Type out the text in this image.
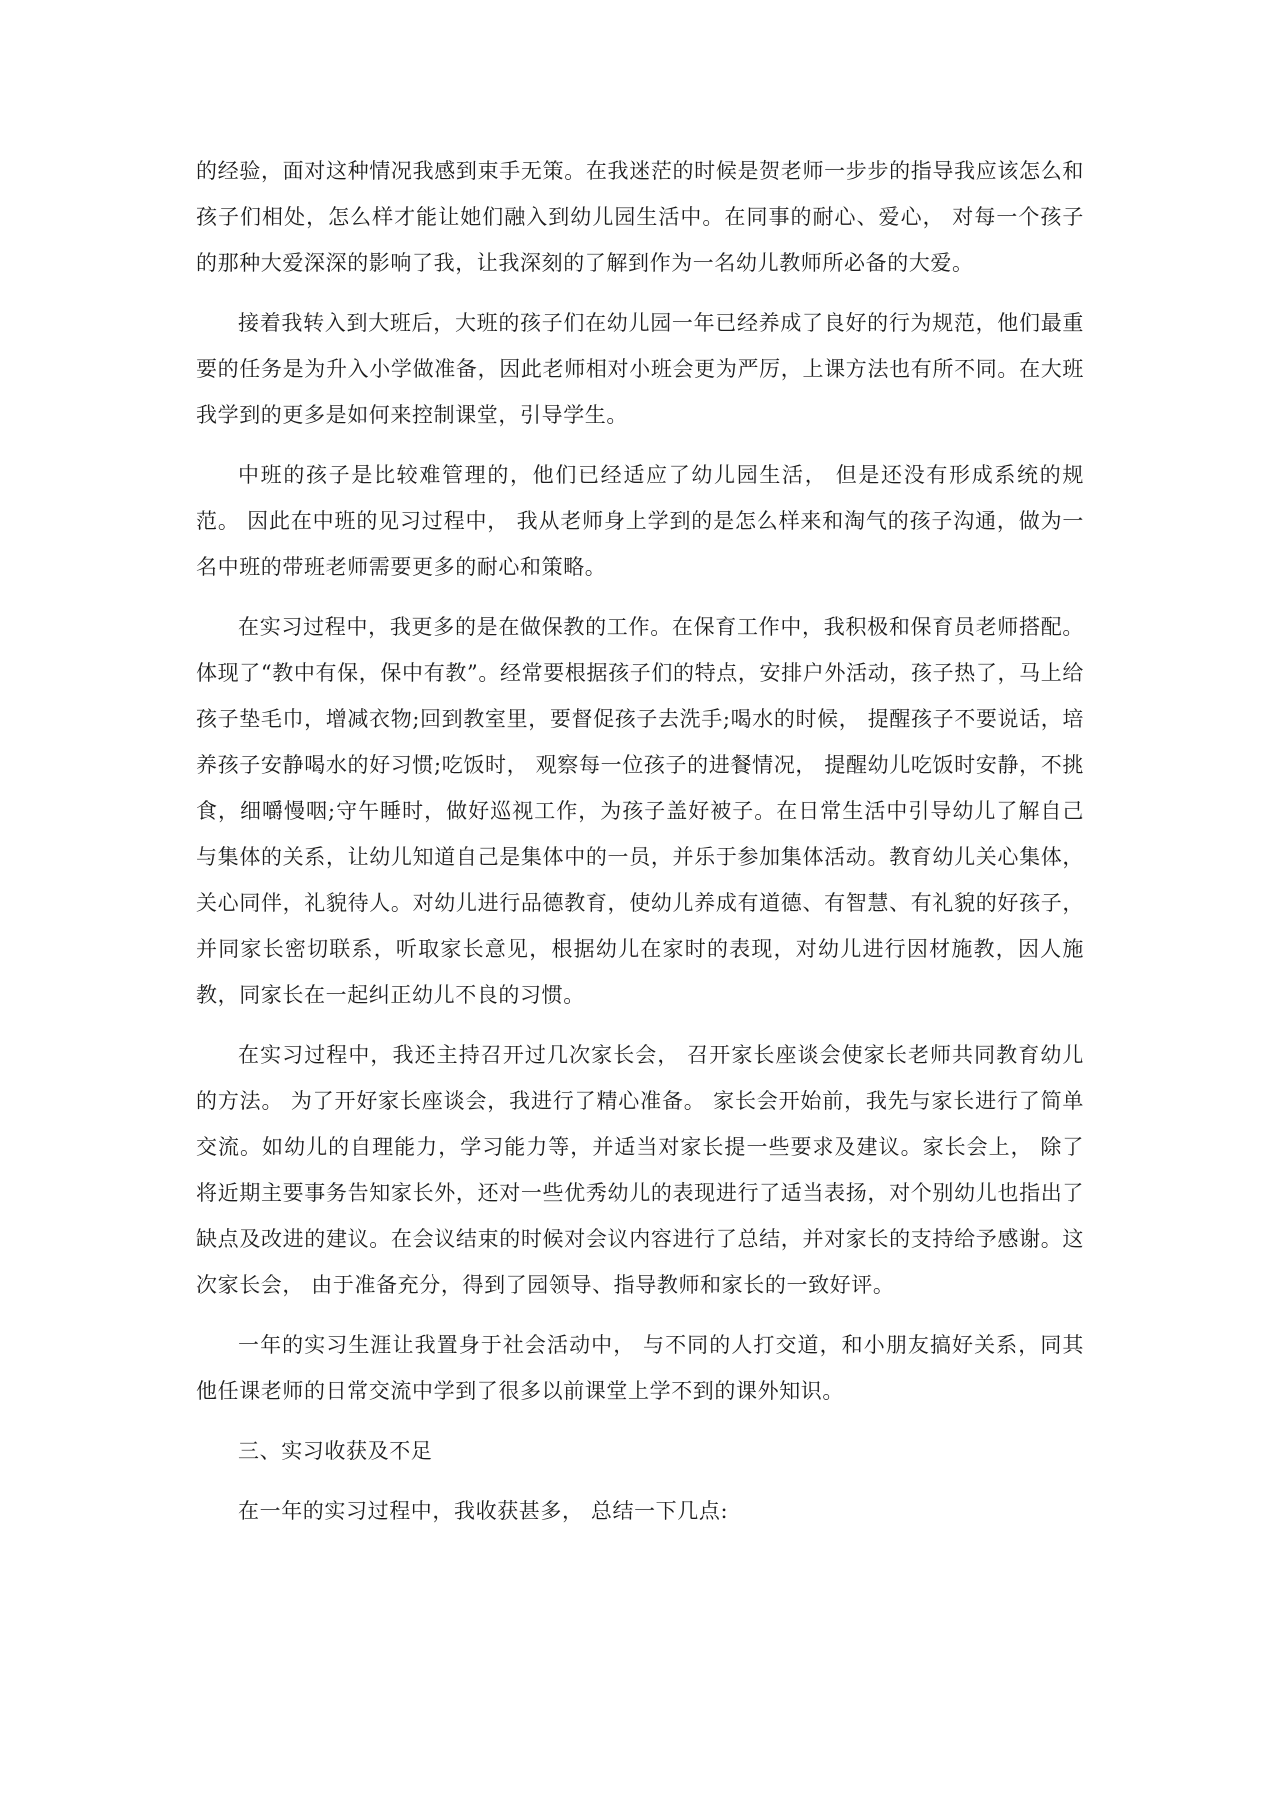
的经验，面对这种情况我感到束手无策。在我迷茫的时候是贺老师一步步的指导我应该怎么和孩子们相处，怎么样才能让她们融入到幼儿园生活中。在同事的耐心、爱心， 对每一个孩子的那种大爱深深的影响了我，让我深刻的了解到作为一名幼儿教师所必备的大爱。

接着我转入到大班后，大班的孩子们在幼儿园一年已经养成了良好的行为规范，他们最重要的任务是为升入小学做准备，因此老师相对小班会更为严厉，上课方法也有所不同。在大班我学到的更多是如何来控制课堂，引导学生。

中班的孩子是比较难管理的，他们已经适应了幼儿园生活， 但是还没有形成系统的规范。 因此在中班的见习过程中， 我从老师身上学到的是怎么样来和淘气的孩子沟通，做为一名中班的带班老师需要更多的耐心和策略。

在实习过程中，我更多的是在做保教的工作。在保育工作中，我积极和保育员老师搭配。体现了“教中有保，保中有教”。经常要根据孩子们的特点，安排户外活动，孩子热了，马上给孩子垫毛巾，增减衣物;回到教室里，要督促孩子去洗手;喝水的时候， 提醒孩子不要说话，培养孩子安静喝水的好习惯;吃饭时， 观察每一位孩子的进餐情况， 提醒幼儿吃饭时安静，不挑食，细嚼慢咽;守午睡时，做好巡视工作，为孩子盖好被子。在日常生活中引导幼儿了解自己与集体的关系，让幼儿知道自己是集体中的一员，并乐于参加集体活动。教育幼儿关心集体，关心同伴，礼貌待人。对幼儿进行品德教育，使幼儿养成有道德、有智慧、有礼貌的好孩子， 并同家长密切联系，听取家长意见，根据幼儿在家时的表现，对幼儿进行因材施教，因人施教，同家长在一起纠正幼儿不良的习惯。

在实习过程中，我还主持召开过几次家长会， 召开家长座谈会使家长老师共同教育幼儿的方法。 为了开好家长座谈会，我进行了精心准备。 家长会开始前，我先与家长进行了简单交流。如幼儿的自理能力，学习能力等，并适当对家长提一些要求及建议。家长会上， 除了将近期主要事务告知家长外，还对一些优秀幼儿的表现进行了适当表扬，对个别幼儿也指出了缺点及改进的建议。在会议结束的时候对会议内容进行了总结，并对家长的支持给予感谢。这次家长会， 由于准备充分，得到了园领导、指导教师和家长的一致好评。

一年的实习生涯让我置身于社会活动中， 与不同的人打交道，和小朋友搞好关系，同其他任课老师的日常交流中学到了很多以前课堂上学不到的课外知识。

三、实习收获及不足

在一年的实习过程中，我收获甚多， 总结一下几点:
